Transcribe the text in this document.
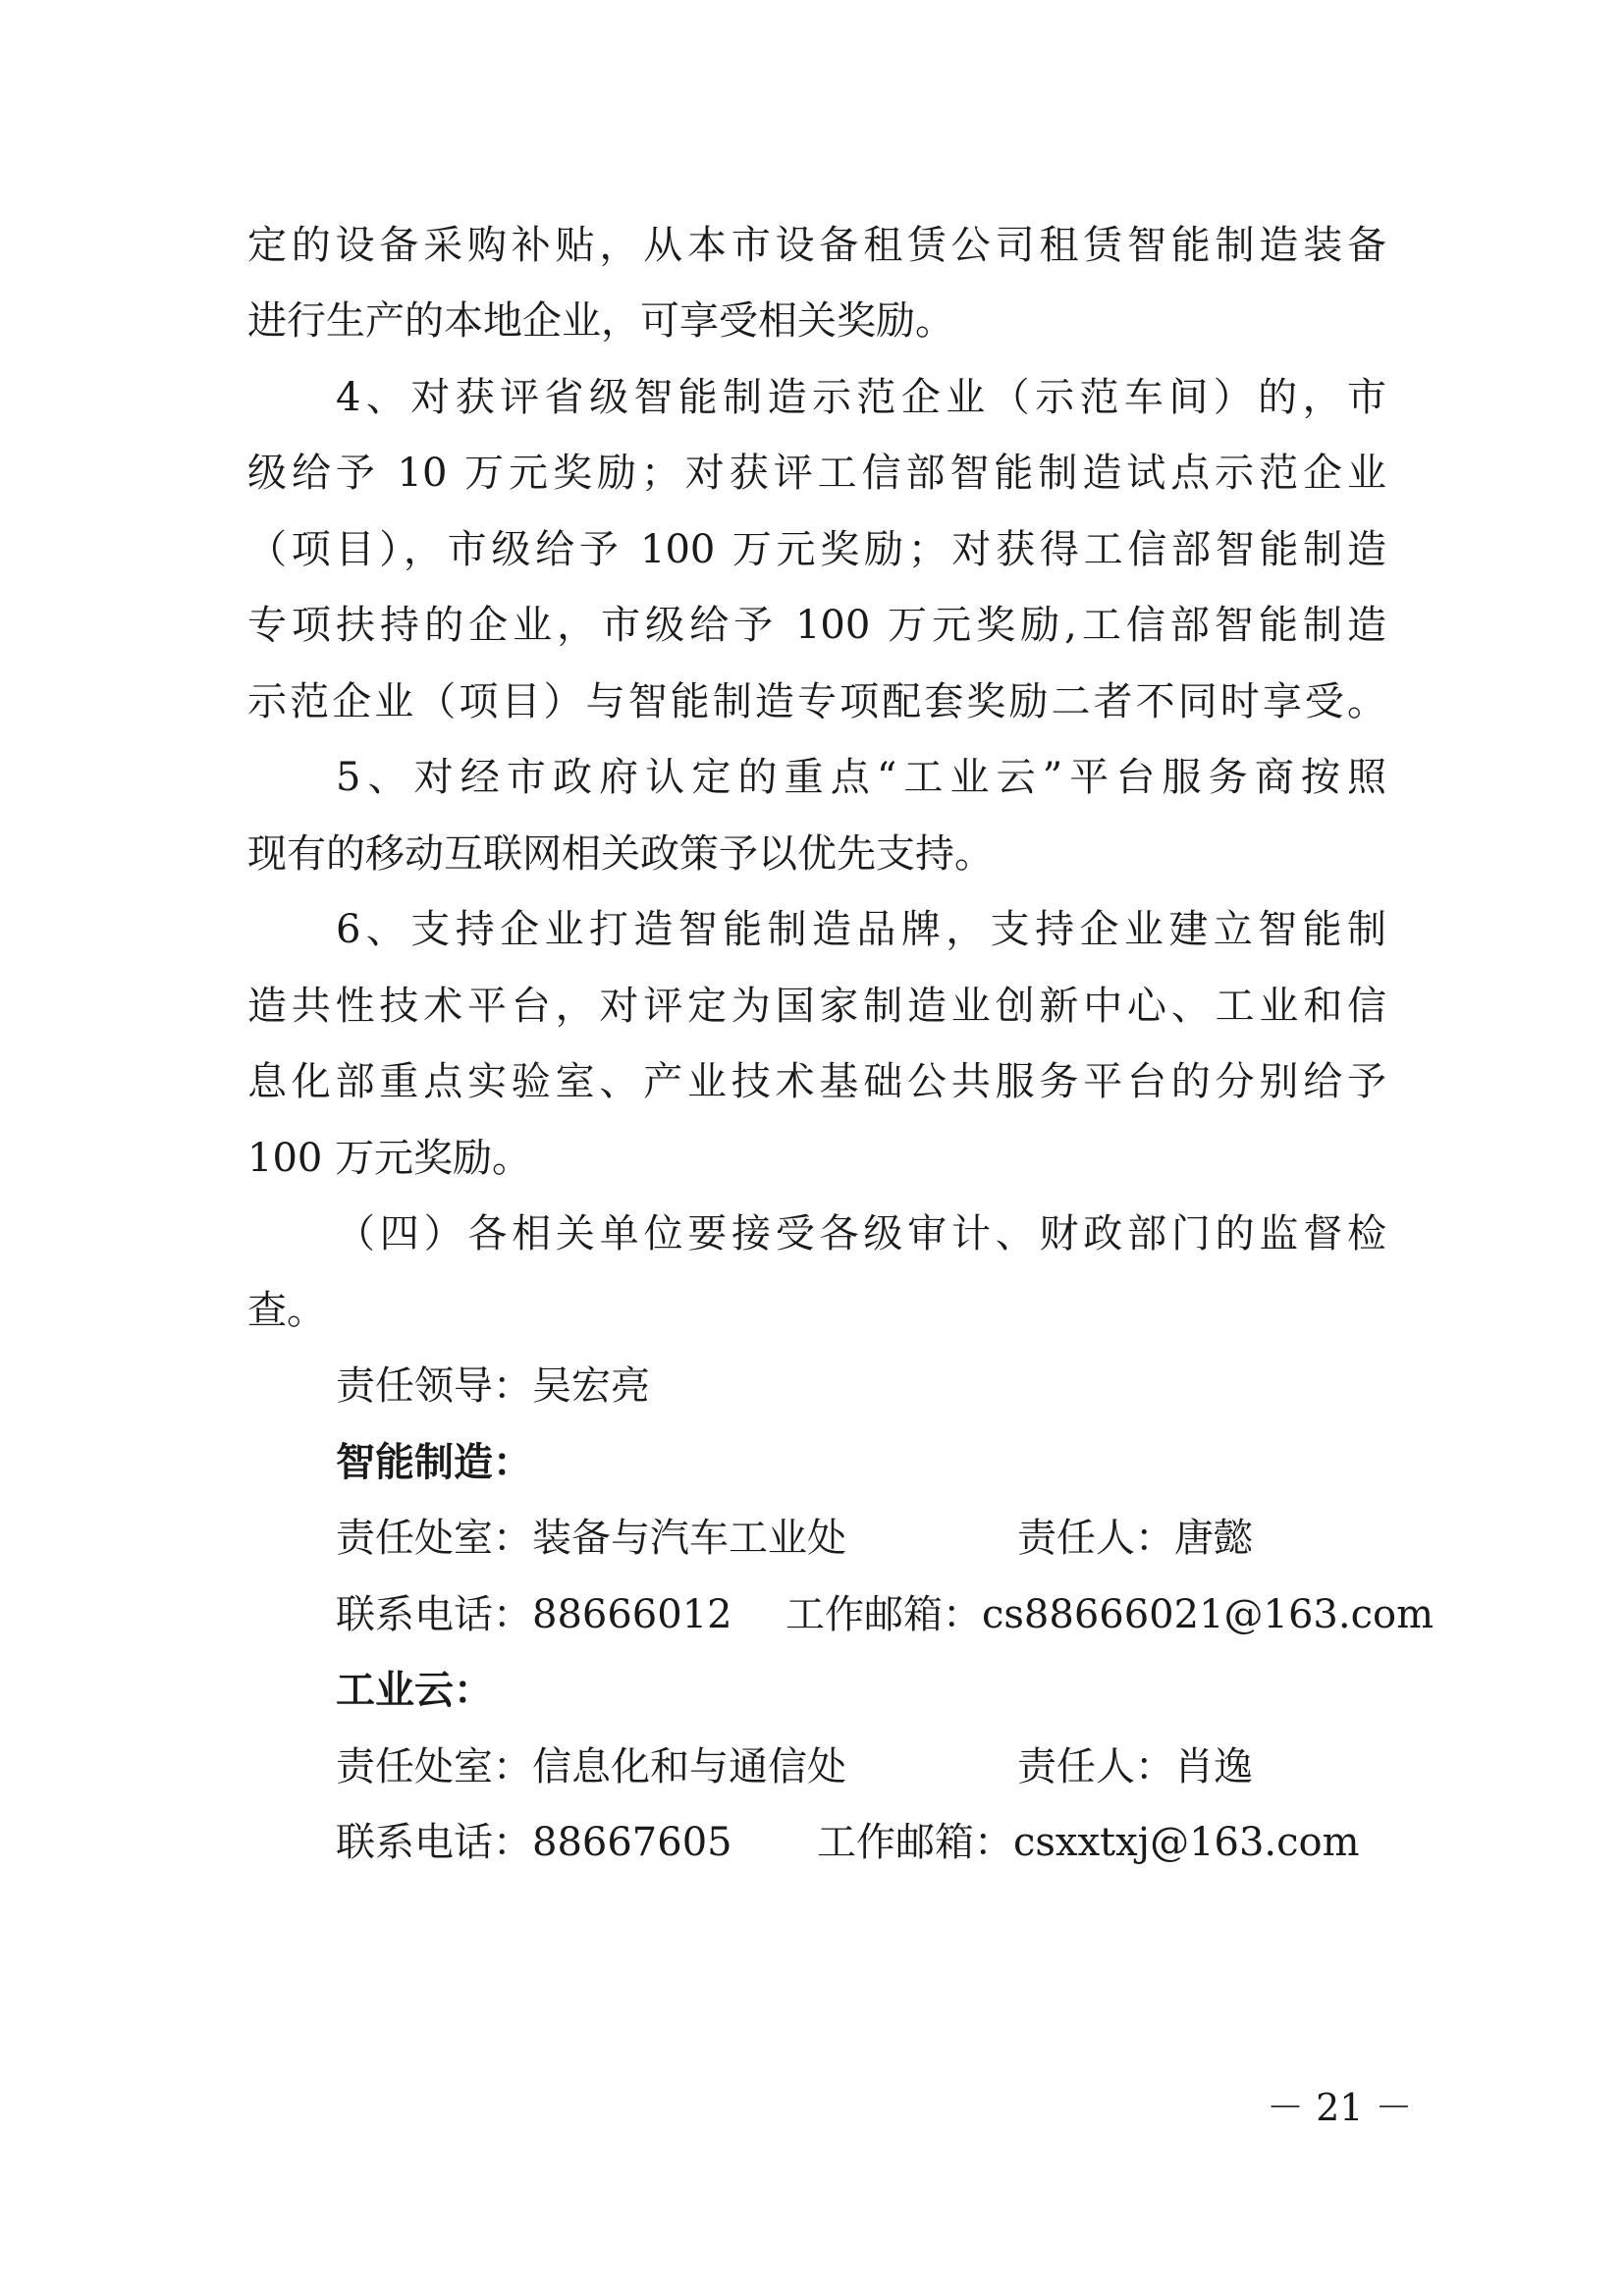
定的设备采购补贴，从本市设备租赁公司租赁智能制造装备
进行生产的本地企业，可享受相关奖励。
4、对获评省级智能制造示范企业（示范车间）的，市
级给予 10 万元奖励；对获评工信部智能制造试点示范企业
（项目），市级给予 100 万元奖励；对获得工信部智能制造
专项扶持的企业，市级给予 100 万元奖励,工信部智能制造
示范企业（项目）与智能制造专项配套奖励二者不同时享受。
5、对经市政府认定的重点“工业云”平台服务商按照
现有的移动互联网相关政策予以优先支持。
6、支持企业打造智能制造品牌，支持企业建立智能制
造共性技术平台，对评定为国家制造业创新中心、工业和信
息化部重点实验室、产业技术基础公共服务平台的分别给予
100 万元奖励。
（四）各相关单位要接受各级审计、财政部门的监督检
查。
责任领导：吴宏亮
智能制造：
责任处室：装备与汽车工业处	责任人：唐懿
联系电话：88666012 工作邮箱：cs88666021@163.com
工业云：
责任处室：信息化和与通信处	责任人：肖逸
联系电话：88667605 工作邮箱：csxxtxj@163.com
－ 21 －
